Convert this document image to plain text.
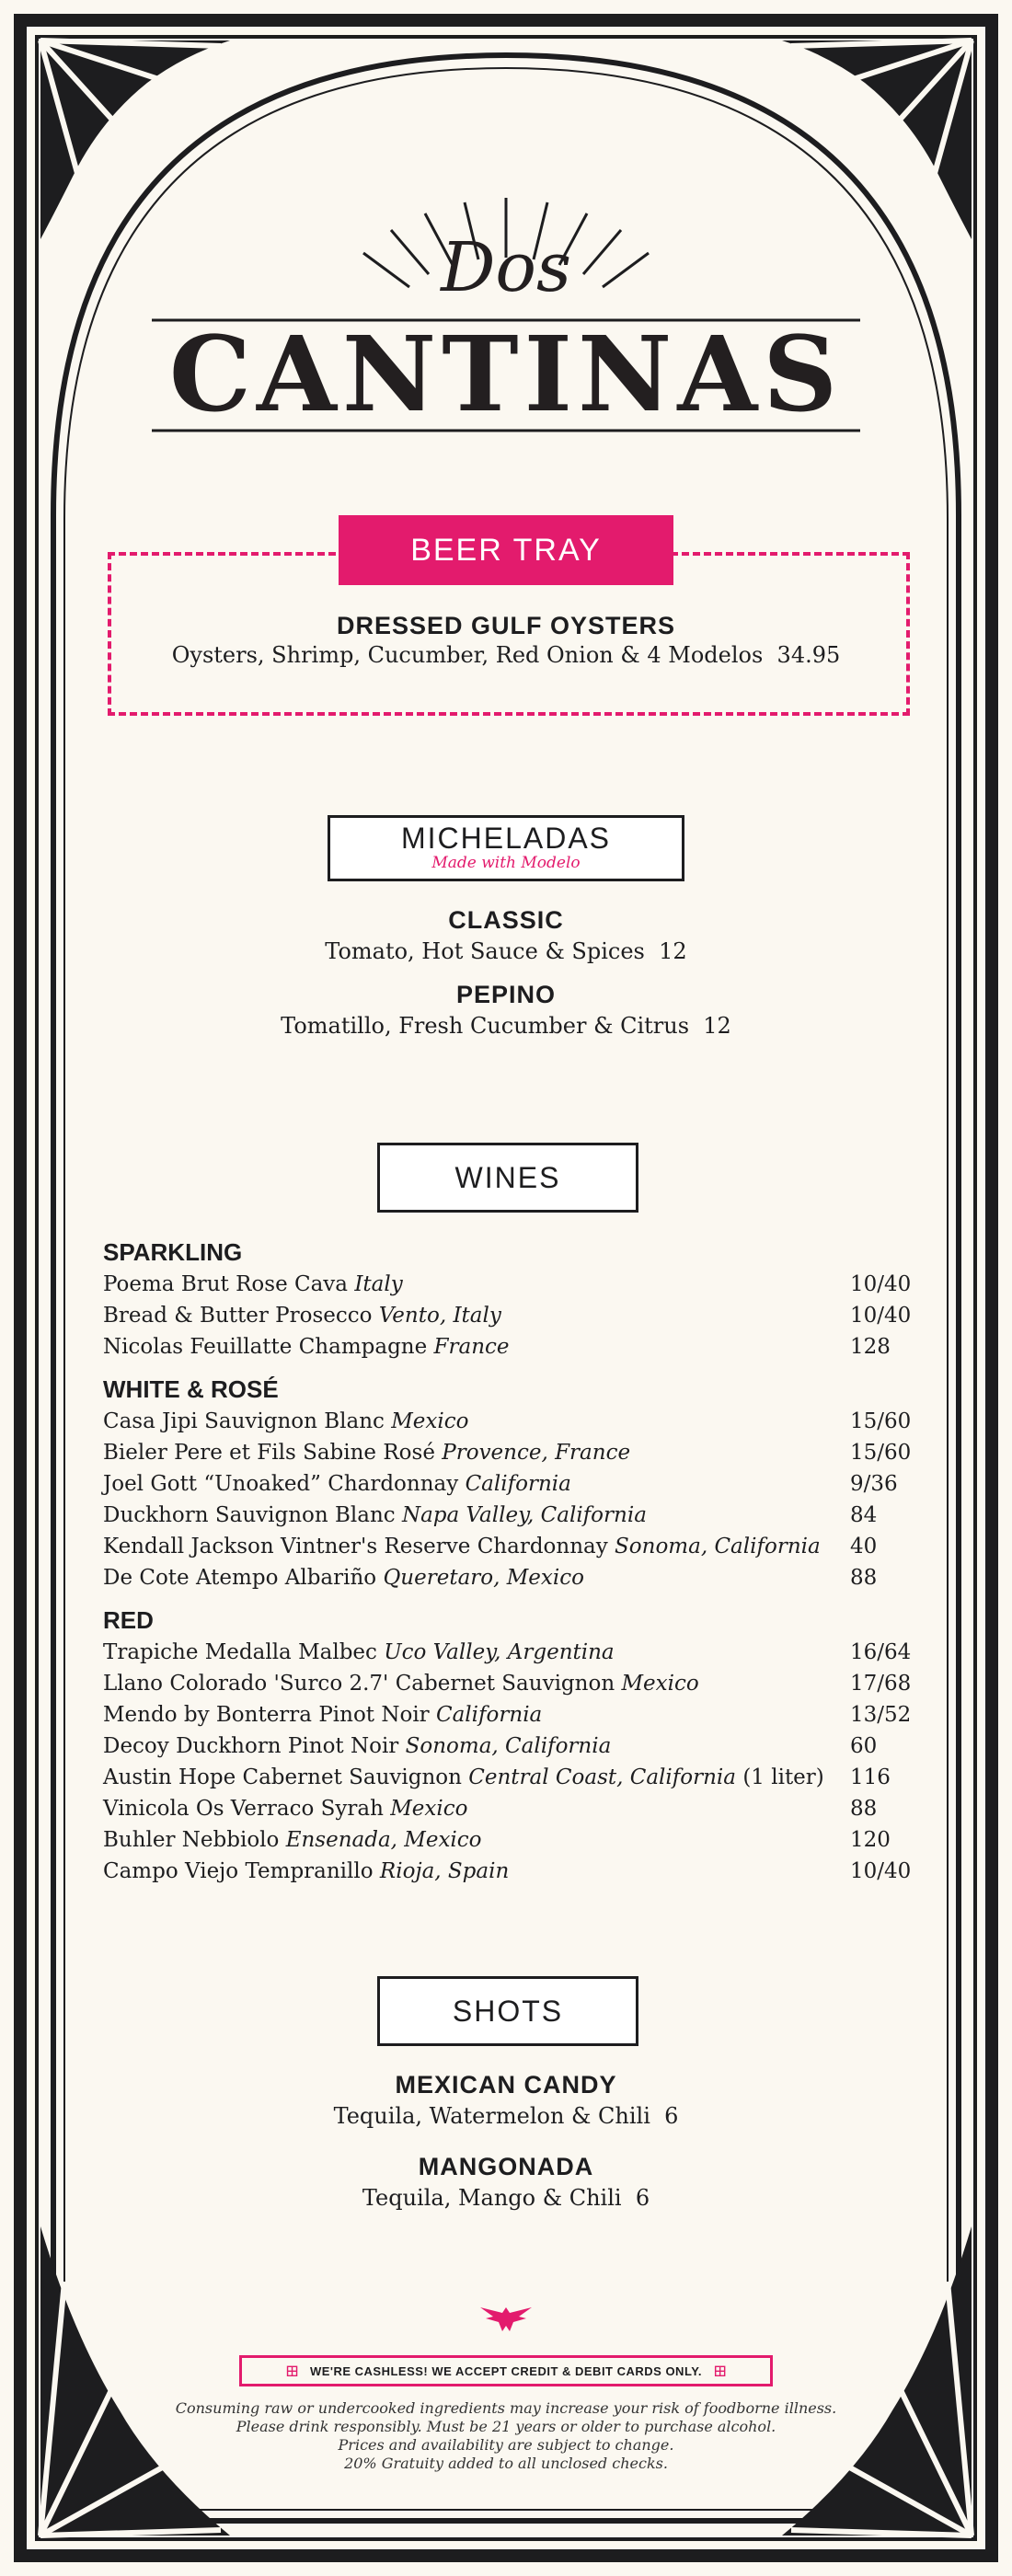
Dos
CANTINAS
BEER TRAY
DRESSED GULF OYSTERS
Oysters, Shrimp, Cucumber, Red Onion & 4 Modelos 34.95
MICHELADAS
Made with Modelo
CLASSIC
Tomato, Hot Sauce & Spices 12
PEPINO
Tomatillo, Fresh Cucumber & Citrus 12
WINES
SPARKLING
Poema Brut Rose Cava Italy	10/40
Bread & Butter Prosecco Vento, Italy	10/40
Nicolas Feuillatte Champagne France	128
WHITE & ROSÉ
Casa Jipi Sauvignon Blanc Mexico	15/60
Bieler Pere et Fils Sabine Rosé Provence, France	15/60
Joel Gott “Unoaked” Chardonnay California	9/36
Duckhorn Sauvignon Blanc Napa Valley, California	84
Kendall Jackson Vintner's Reserve Chardonnay Sonoma, California 40
De Cote Atempo Albariño Queretaro, Mexico	88
RED
Trapiche Medalla Malbec Uco Valley, Argentina	16/64
Llano Colorado 'Surco 2.7' Cabernet Sauvignon Mexico	17/68
Mendo by Bonterra Pinot Noir California	13/52
Decoy Duckhorn Pinot Noir Sonoma, California	60
Austin Hope Cabernet Sauvignon Central Coast, California (1 liter) 116
Vinicola Os Verraco Syrah Mexico	88
Buhler Nebbiolo Ensenada, Mexico	120
Campo Viejo Tempranillo Rioja, Spain	10/40
SHOTS
MEXICAN CANDY
Tequila, Watermelon & Chili 6
MANGONADA
Tequila, Mango & Chili 6
⊞ WE'RE CASHLESS! WE ACCEPT CREDIT & DEBIT CARDS ONLY. ⊞
Consuming raw or undercooked ingredients may increase your risk of foodborne illness.
Please drink responsibly. Must be 21 years or older to purchase alcohol.
Prices and availability are subject to change.
20% Gratuity added to all unclosed checks.
